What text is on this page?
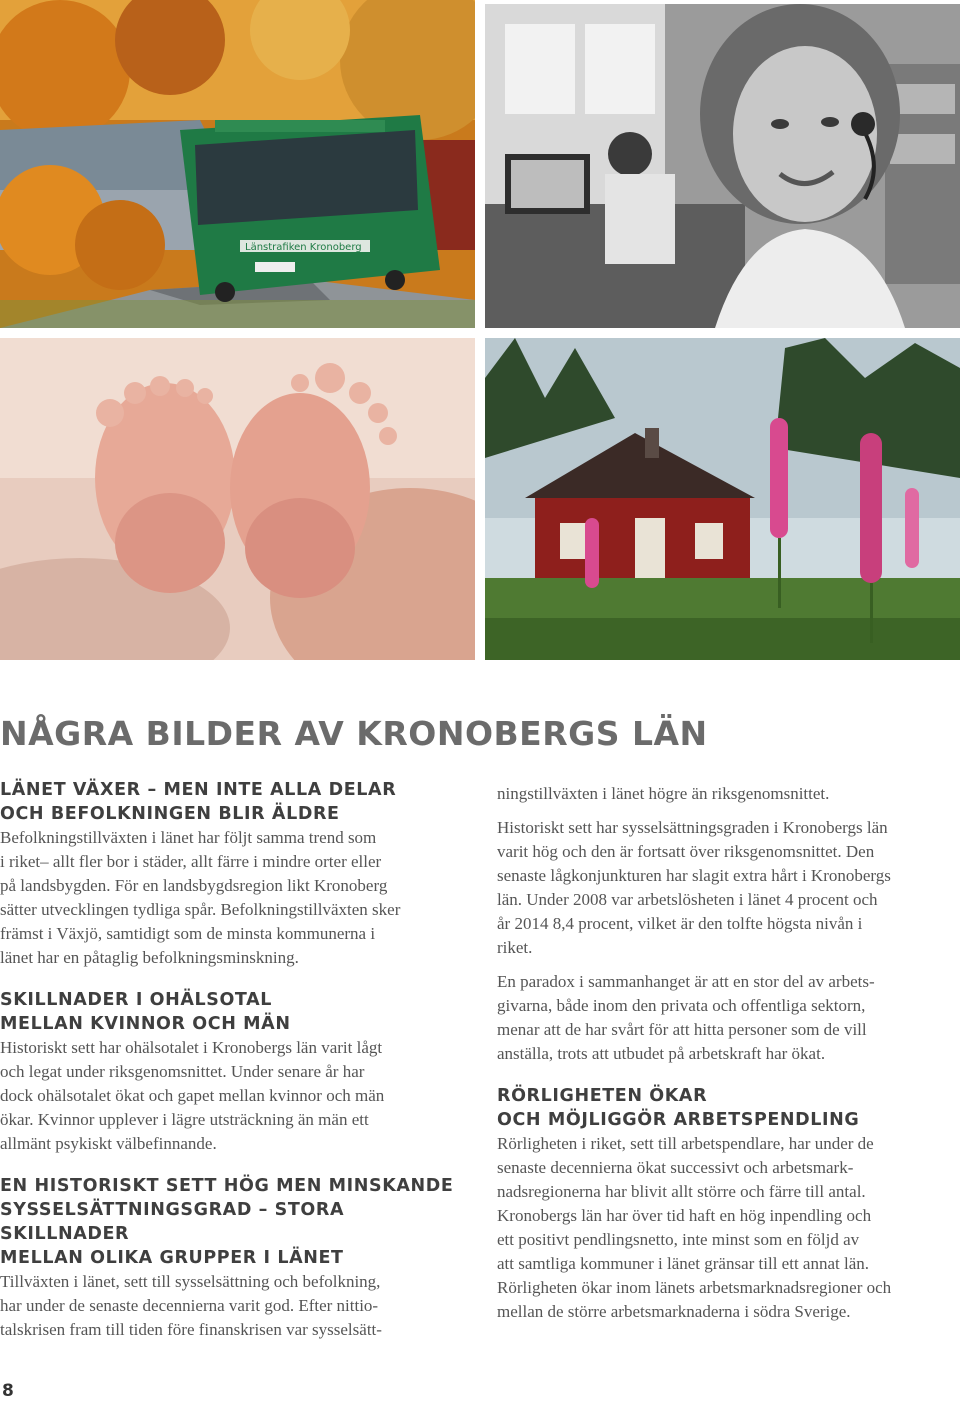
Länstrafiken Kronoberg
NÅGRA BILDER AV KRONOBERGS LÄN
LÄNET VÄXER – MEN INTE ALLA DELAR
OCH BEFOLKNINGEN BLIR ÄLDRE

Befolkningstillväxten i länet har följt samma trend som
i riket– allt fler bor i städer, allt färre i mindre orter eller
på landsbygden. För en landsbygdsregion likt Kronoberg
sätter utvecklingen tydliga spår. Befolkningstillväxten sker
främst i Växjö, samtidigt som de minsta kommunerna i
länet har en påtaglig befolkningsminskning.

SKILLNADER I OHÄLSOTAL
MELLAN KVINNOR OCH MÄN

Historiskt sett har ohälsotalet i Kronobergs län varit lågt
och legat under riksgenomsnittet. Under senare år har
dock ohälsotalet ökat och gapet mellan kvinnor och män
ökar. Kvinnor upplever i lägre utsträckning än män ett
allmänt psykiskt välbefinnande.

EN HISTORISKT SETT HÖG MEN MINSKANDE
SYSSELSÄTTNINGSGRAD – STORA SKILLNADER
MELLAN OLIKA GRUPPER I LÄNET

Tillväxten i länet, sett till sysselsättning och befolkning,
har under de senaste decennierna varit god. Efter nittio-
talskrisen fram till tiden före finanskrisen var sysselsätt-

ningstillväxten i länet högre än riksgenomsnittet.

Historiskt sett har sysselsättningsgraden i Kronobergs län
varit hög och den är fortsatt över riksgenomsnittet. Den
senaste lågkonjunkturen har slagit extra hårt i Kronobergs
län. Under 2008 var arbetslösheten i länet 4 procent och
år 2014 8,4 procent, vilket är den tolfte högsta nivån i
riket.

En paradox i sammanhanget är att en stor del av arbets-
givarna, både inom den privata och offentliga sektorn,
menar att de har svårt för att hitta personer som de vill
anställa, trots att utbudet på arbetskraft har ökat.

RÖRLIGHETEN ÖKAR
OCH MÖJLIGGÖR ARBETSPENDLING

Rörligheten i riket, sett till arbetspendlare, har under de
senaste decennierna ökat successivt och arbetsmark-
nadsregionerna har blivit allt större och färre till antal.
Kronobergs län har över tid haft en hög inpendling och
ett positivt pendlingsnetto, inte minst som en följd av
att samtliga kommuner i länet gränsar till ett annat län.
Rörligheten ökar inom länets arbetsmarknadsregioner och
mellan de större arbetsmarknaderna i södra Sverige.

8
